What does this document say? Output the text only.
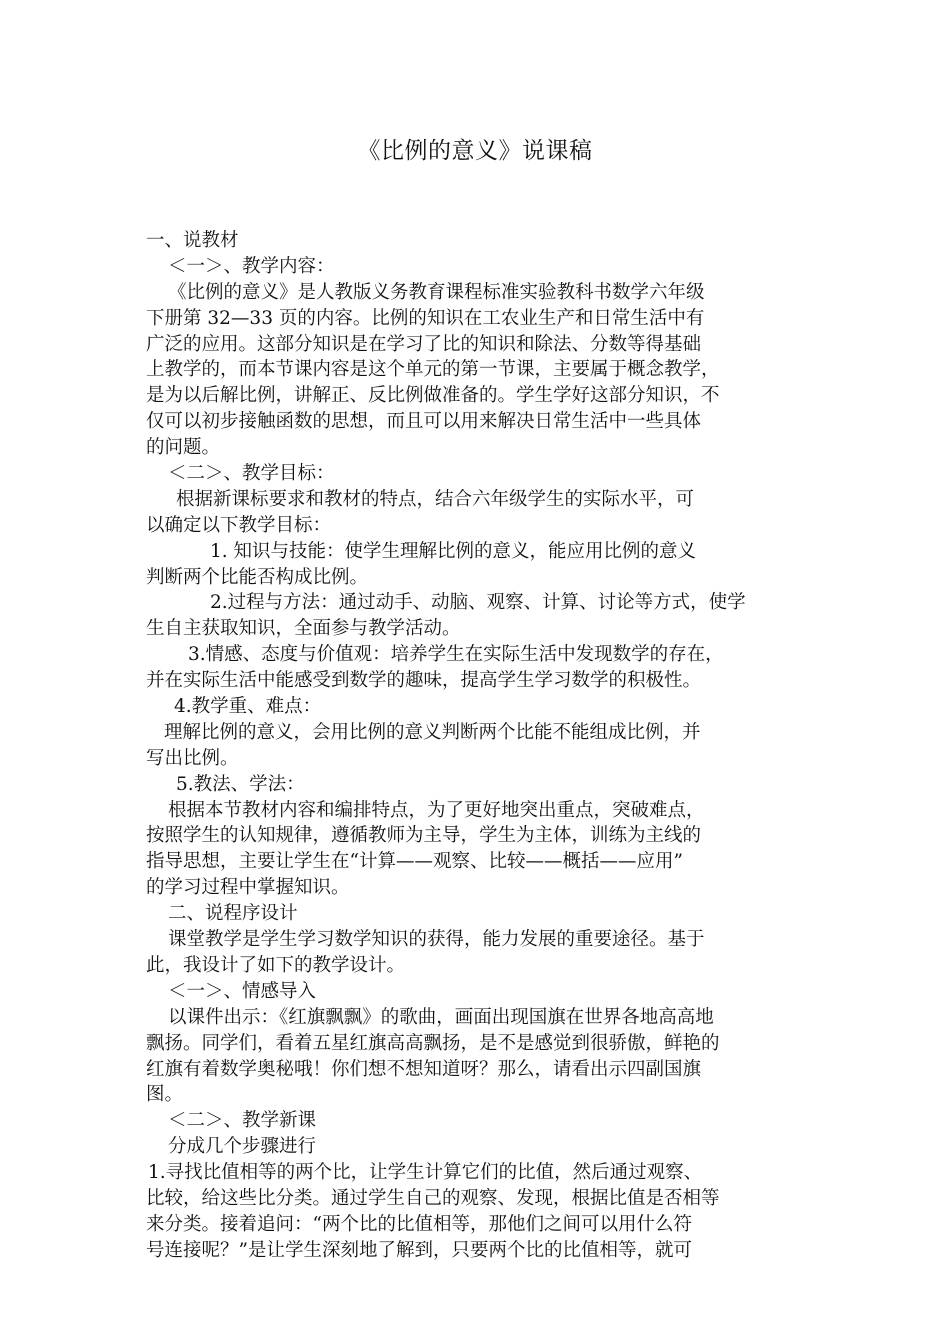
《比例的意义》说课稿
一、说教材
＜一＞、教学内容：
《比例的意义》是人教版义务教育课程标准实验教科书数学六年级
下册第 32—33 页的内容。比例的知识在工农业生产和日常生活中有
广泛的应用。这部分知识是在学习了比的知识和除法、分数等得基础
上教学的，而本节课内容是这个单元的第一节课，主要属于概念教学，
是为以后解比例，讲解正、反比例做准备的。学生学好这部分知识，不
仅可以初步接触函数的思想，而且可以用来解决日常生活中一些具体
的问题。
＜二＞、教学目标：
根据新课标要求和教材的特点，结合六年级学生的实际水平，可
以确定以下教学目标：
1. 知识与技能：使学生理解比例的意义，能应用比例的意义
判断两个比能否构成比例。
2.过程与方法：通过动手、动脑、观察、计算、讨论等方式，使学
生自主获取知识，全面参与教学活动。
3.情感、态度与价值观：培养学生在实际生活中发现数学的存在，
并在实际生活中能感受到数学的趣味，提高学生学习数学的积极性。
4.教学重、难点：
理解比例的意义，会用比例的意义判断两个比能不能组成比例，并
写出比例。
5.教法、学法：
根据本节教材内容和编排特点，为了更好地突出重点，突破难点，
按照学生的认知规律，遵循教师为主导，学生为主体，训练为主线的
指导思想，主要让学生在“计算——观察、比较——概括——应用”
的学习过程中掌握知识。
二、说程序设计
课堂教学是学生学习数学知识的获得，能力发展的重要途径。基于
此，我设计了如下的教学设计。
＜一＞、情感导入
以课件出示：《红旗飘飘》的歌曲，画面出现国旗在世界各地高高地
飘扬。同学们，看着五星红旗高高飘扬，是不是感觉到很骄傲，鲜艳的
红旗有着数学奥秘哦！你们想不想知道呀？那么，请看出示四副国旗
图。
＜二＞、教学新课
分成几个步骤进行
1.寻找比值相等的两个比，让学生计算它们的比值，然后通过观察、
比较，给这些比分类。通过学生自己的观察、发现，根据比值是否相等
来分类。接着追问：“两个比的比值相等，那他们之间可以用什么符
号连接呢？”是让学生深刻地了解到，只要两个比的比值相等，就可
